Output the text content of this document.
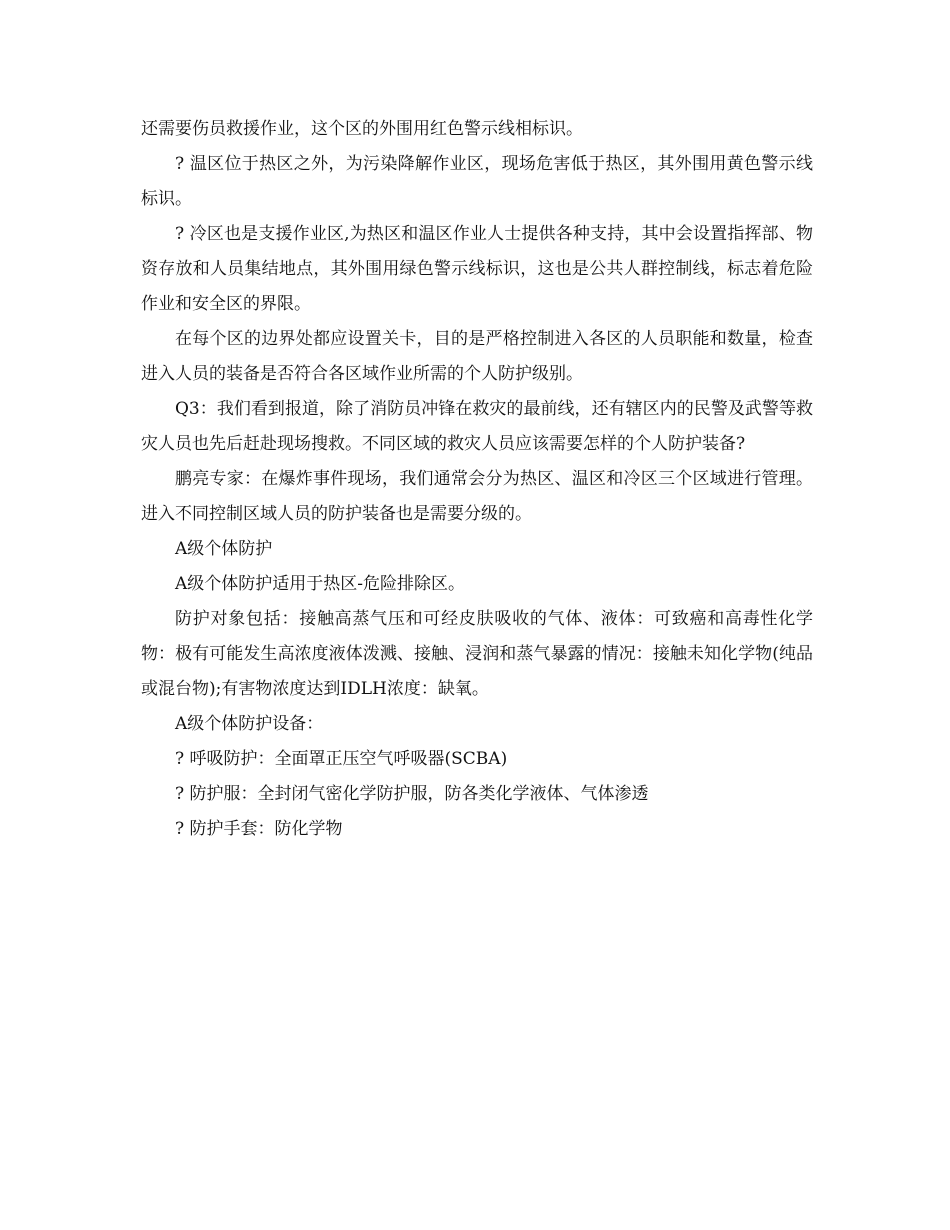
还需要伤员救援作业，这个区的外围用红色警示线相标识。

? 温区位于热区之外，为污染降解作业区，现场危害低于热区，其外围用黄色警示线标识。

? 冷区也是支援作业区,为热区和温区作业人士提供各种支持，其中会设置指挥部、物资存放和人员集结地点，其外围用绿色警示线标识，这也是公共人群控制线，标志着危险作业和安全区的界限。

在每个区的边界处都应设置关卡，目的是严格控制进入各区的人员职能和数量，检查进入人员的装备是否符合各区域作业所需的个人防护级别。

Q3：我们看到报道，除了消防员冲锋在救灾的最前线，还有辖区内的民警及武警等救灾人员也先后赶赴现场搜救。不同区域的救灾人员应该需要怎样的个人防护装备?

鹏亮专家：在爆炸事件现场，我们通常会分为热区、温区和冷区三个区域进行管理。进入不同控制区域人员的防护装备也是需要分级的。

A级个体防护

A级个体防护适用于热区-危险排除区。

防护对象包括：接触高蒸气压和可经皮肤吸收的气体、液体：可致癌和高毒性化学物：极有可能发生高浓度液体泼溅、接触、浸润和蒸气暴露的情况：接触未知化学物(纯品或混台物);有害物浓度达到IDLH浓度：缺氧。

A级个体防护设备：

? 呼吸防护：全面罩正压空气呼吸器(SCBA)

? 防护服：全封闭气密化学防护服，防各类化学液体、气体渗透

? 防护手套：防化学物
